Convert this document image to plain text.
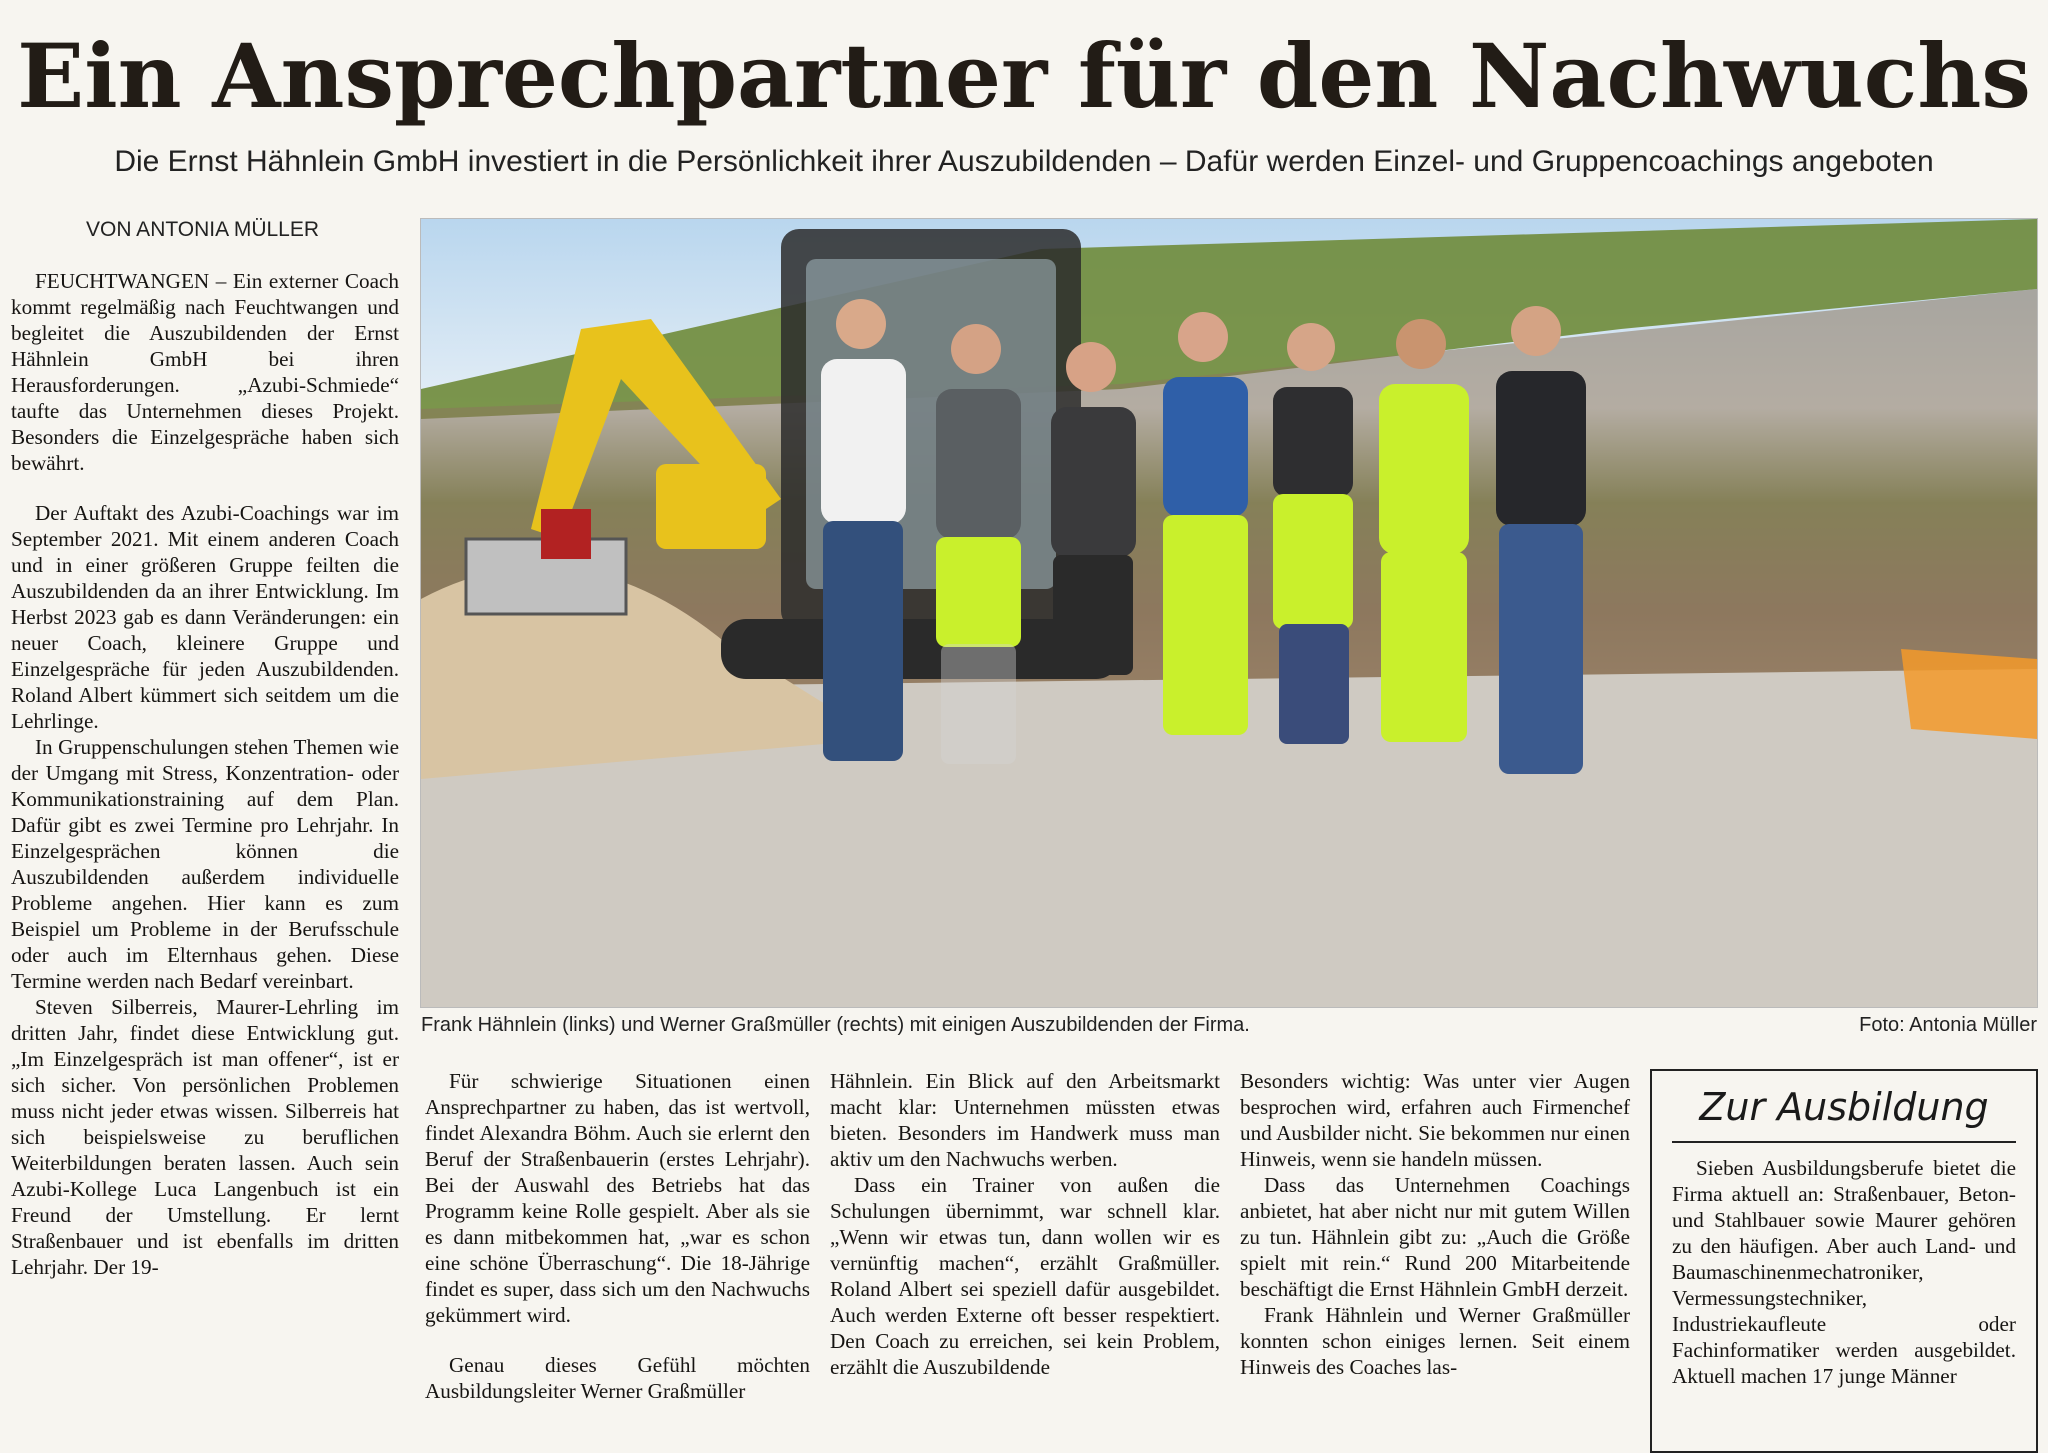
Ein Ansprechpartner für den Nachwuchs
Die Ernst Hähnlein GmbH investiert in die Persönlichkeit ihrer Auszubildenden – Dafür werden Einzel- und Gruppencoachings angeboten
VON ANTONIA MÜLLER

FEUCHTWANGEN – Ein externer Coach kommt regelmäßig nach Feuchtwangen und begleitet die Auszubildenden der Ernst Hähnlein GmbH bei ihren Herausforderungen. „Azubi-Schmiede“ taufte das Unternehmen dieses Projekt. Besonders die Einzelgespräche haben sich bewährt.

Der Auftakt des Azubi-Coachings war im September 2021. Mit einem anderen Coach und in einer größeren Gruppe feilten die Auszubildenden da an ihrer Entwicklung. Im Herbst 2023 gab es dann Veränderungen: ein neuer Coach, kleinere Gruppe und Einzelgespräche für jeden Auszubildenden. Roland Albert kümmert sich seitdem um die Lehrlinge.

In Gruppenschulungen stehen Themen wie der Umgang mit Stress, Konzentration- oder Kommunikationstraining auf dem Plan. Dafür gibt es zwei Termine pro Lehrjahr. In Einzelgesprächen können die Auszubildenden außerdem individuelle Probleme angehen. Hier kann es zum Beispiel um Probleme in der Berufsschule oder auch im Elternhaus gehen. Diese Termine werden nach Bedarf vereinbart.

Steven Silberreis, Maurer-Lehrling im dritten Jahr, findet diese Entwicklung gut. „Im Einzelgespräch ist man offener“, ist er sich sicher. Von persönlichen Problemen muss nicht jeder etwas wissen. Silberreis hat sich beispielsweise zu beruflichen Weiterbildungen beraten lassen. Auch sein Azubi-Kollege Luca Langenbuch ist ein Freund der Umstellung. Er lernt Straßenbauer und ist ebenfalls im dritten Lehrjahr. Der 19-

Frank Hähnlein (links) und Werner Graßmüller (rechts) mit einigen Auszubildenden der Firma.	Foto: Antonia Müller

Für schwierige Situationen einen Ansprechpartner zu haben, das ist wertvoll, findet Alexandra Böhm. Auch sie erlernt den Beruf der Straßenbauerin (erstes Lehrjahr). Bei der Auswahl des Betriebs hat das Programm keine Rolle gespielt. Aber als sie es dann mitbekommen hat, „war es schon eine schöne Überraschung“. Die 18-Jährige findet es super, dass sich um den Nachwuchs gekümmert wird.

Genau dieses Gefühl möchten Ausbildungsleiter Werner Graßmüller

Hähnlein. Ein Blick auf den Arbeitsmarkt macht klar: Unternehmen müssten etwas bieten. Besonders im Handwerk muss man aktiv um den Nachwuchs werben.

Dass ein Trainer von außen die Schulungen übernimmt, war schnell klar. „Wenn wir etwas tun, dann wollen wir es vernünftig machen“, erzählt Graßmüller. Roland Albert sei speziell dafür ausgebildet. Auch werden Externe oft besser respektiert. Den Coach zu erreichen, sei kein Problem, erzählt die Auszubildende

Besonders wichtig: Was unter vier Augen besprochen wird, erfahren auch Firmenchef und Ausbilder nicht. Sie bekommen nur einen Hinweis, wenn sie handeln müssen.

Dass das Unternehmen Coachings anbietet, hat aber nicht nur mit gutem Willen zu tun. Hähnlein gibt zu: „Auch die Größe spielt mit rein.“ Rund 200 Mitarbeitende beschäftigt die Ernst Hähnlein GmbH derzeit.

Frank Hähnlein und Werner Graßmüller konnten schon einiges lernen. Seit einem Hinweis des Coaches las-

Zur Ausbildung

Sieben Ausbildungsberufe bietet die Firma aktuell an: Straßenbauer, Beton- und Stahlbauer sowie Maurer gehören zu den häufigen. Aber auch Land- und Baumaschinenmechatroniker, Vermessungstechniker, Industriekaufleute oder Fachinformatiker werden ausgebildet. Aktuell machen 17 junge Männer
